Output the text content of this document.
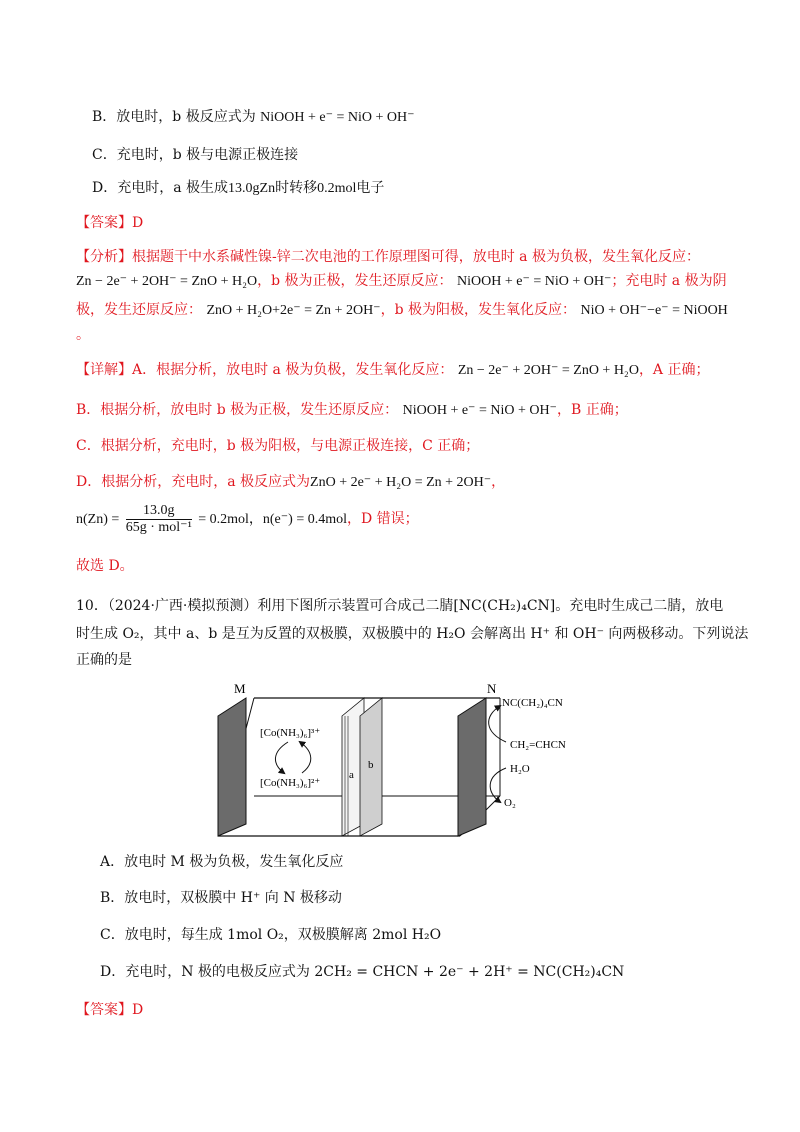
B．放电时，b 极反应式为 NiOOH + e⁻ = NiO + OH⁻
C．充电时，b 极与电源正极连接
D．充电时，a 极生成13.0gZn时转移0.2mol电子
【答案】D
【分析】根据题干中水系碱性镍-锌二次电池的工作原理图可得，放电时 a 极为负极，发生氧化反应：
Zn − 2e⁻ + 2OH⁻ = ZnO + H₂O，b 极为正极，发生还原反应： NiOOH + e⁻ = NiO + OH⁻；充电时 a 极为阴
极，发生还原反应： ZnO + H₂O+2e⁻ = Zn + 2OH⁻，b 极为阳极，发生氧化反应： NiO + OH⁻−e⁻ = NiOOH
。
【详解】A．根据分析，放电时 a 极为负极，发生氧化反应： Zn − 2e⁻ + 2OH⁻ = ZnO + H₂O，A 正确；
B．根据分析，放电时 b 极为正极，发生还原反应： NiOOH + e⁻ = NiO + OH⁻，B 正确；
C．根据分析，充电时，b 极为阳极，与电源正极连接，C 正确；
D．根据分析，充电时，a 极反应式为ZnO + 2e⁻ + H₂O = Zn + 2OH⁻，
$n(Zn) = \frac{13.0g}{\text{65g · mol⁻¹}} = 0.2mol$，n(e⁻) = 0.4mol，D 错误；
故选 D。
10．（2024·广西·模拟预测）利用下图所示装置可合成己二腈[NC(CH₂)₄CN]。充电时生成己二腈，放电
时生成 O₂，其中 a、b 是互为反置的双极膜，双极膜中的 H₂O 会解离出 H⁺ 和 OH⁻ 向两极移动。下列说法
正确的是
M	N
a
b
[Co(NH₃)₆]³⁺
[Co(NH₃)₆]²⁺
NC(CH₂)₄CN
CH₂=CHCN
H₂O
O₂
A．放电时 M 极为负极，发生氧化反应
B．放电时，双极膜中 H⁺ 向 N 极移动
C．放电时，每生成 1mol O₂，双极膜解离 2mol H₂O
D．充电时，N 极的电极反应式为 2CH₂ = CHCN + 2e⁻ + 2H⁺ = NC(CH₂)₄CN
【答案】D
